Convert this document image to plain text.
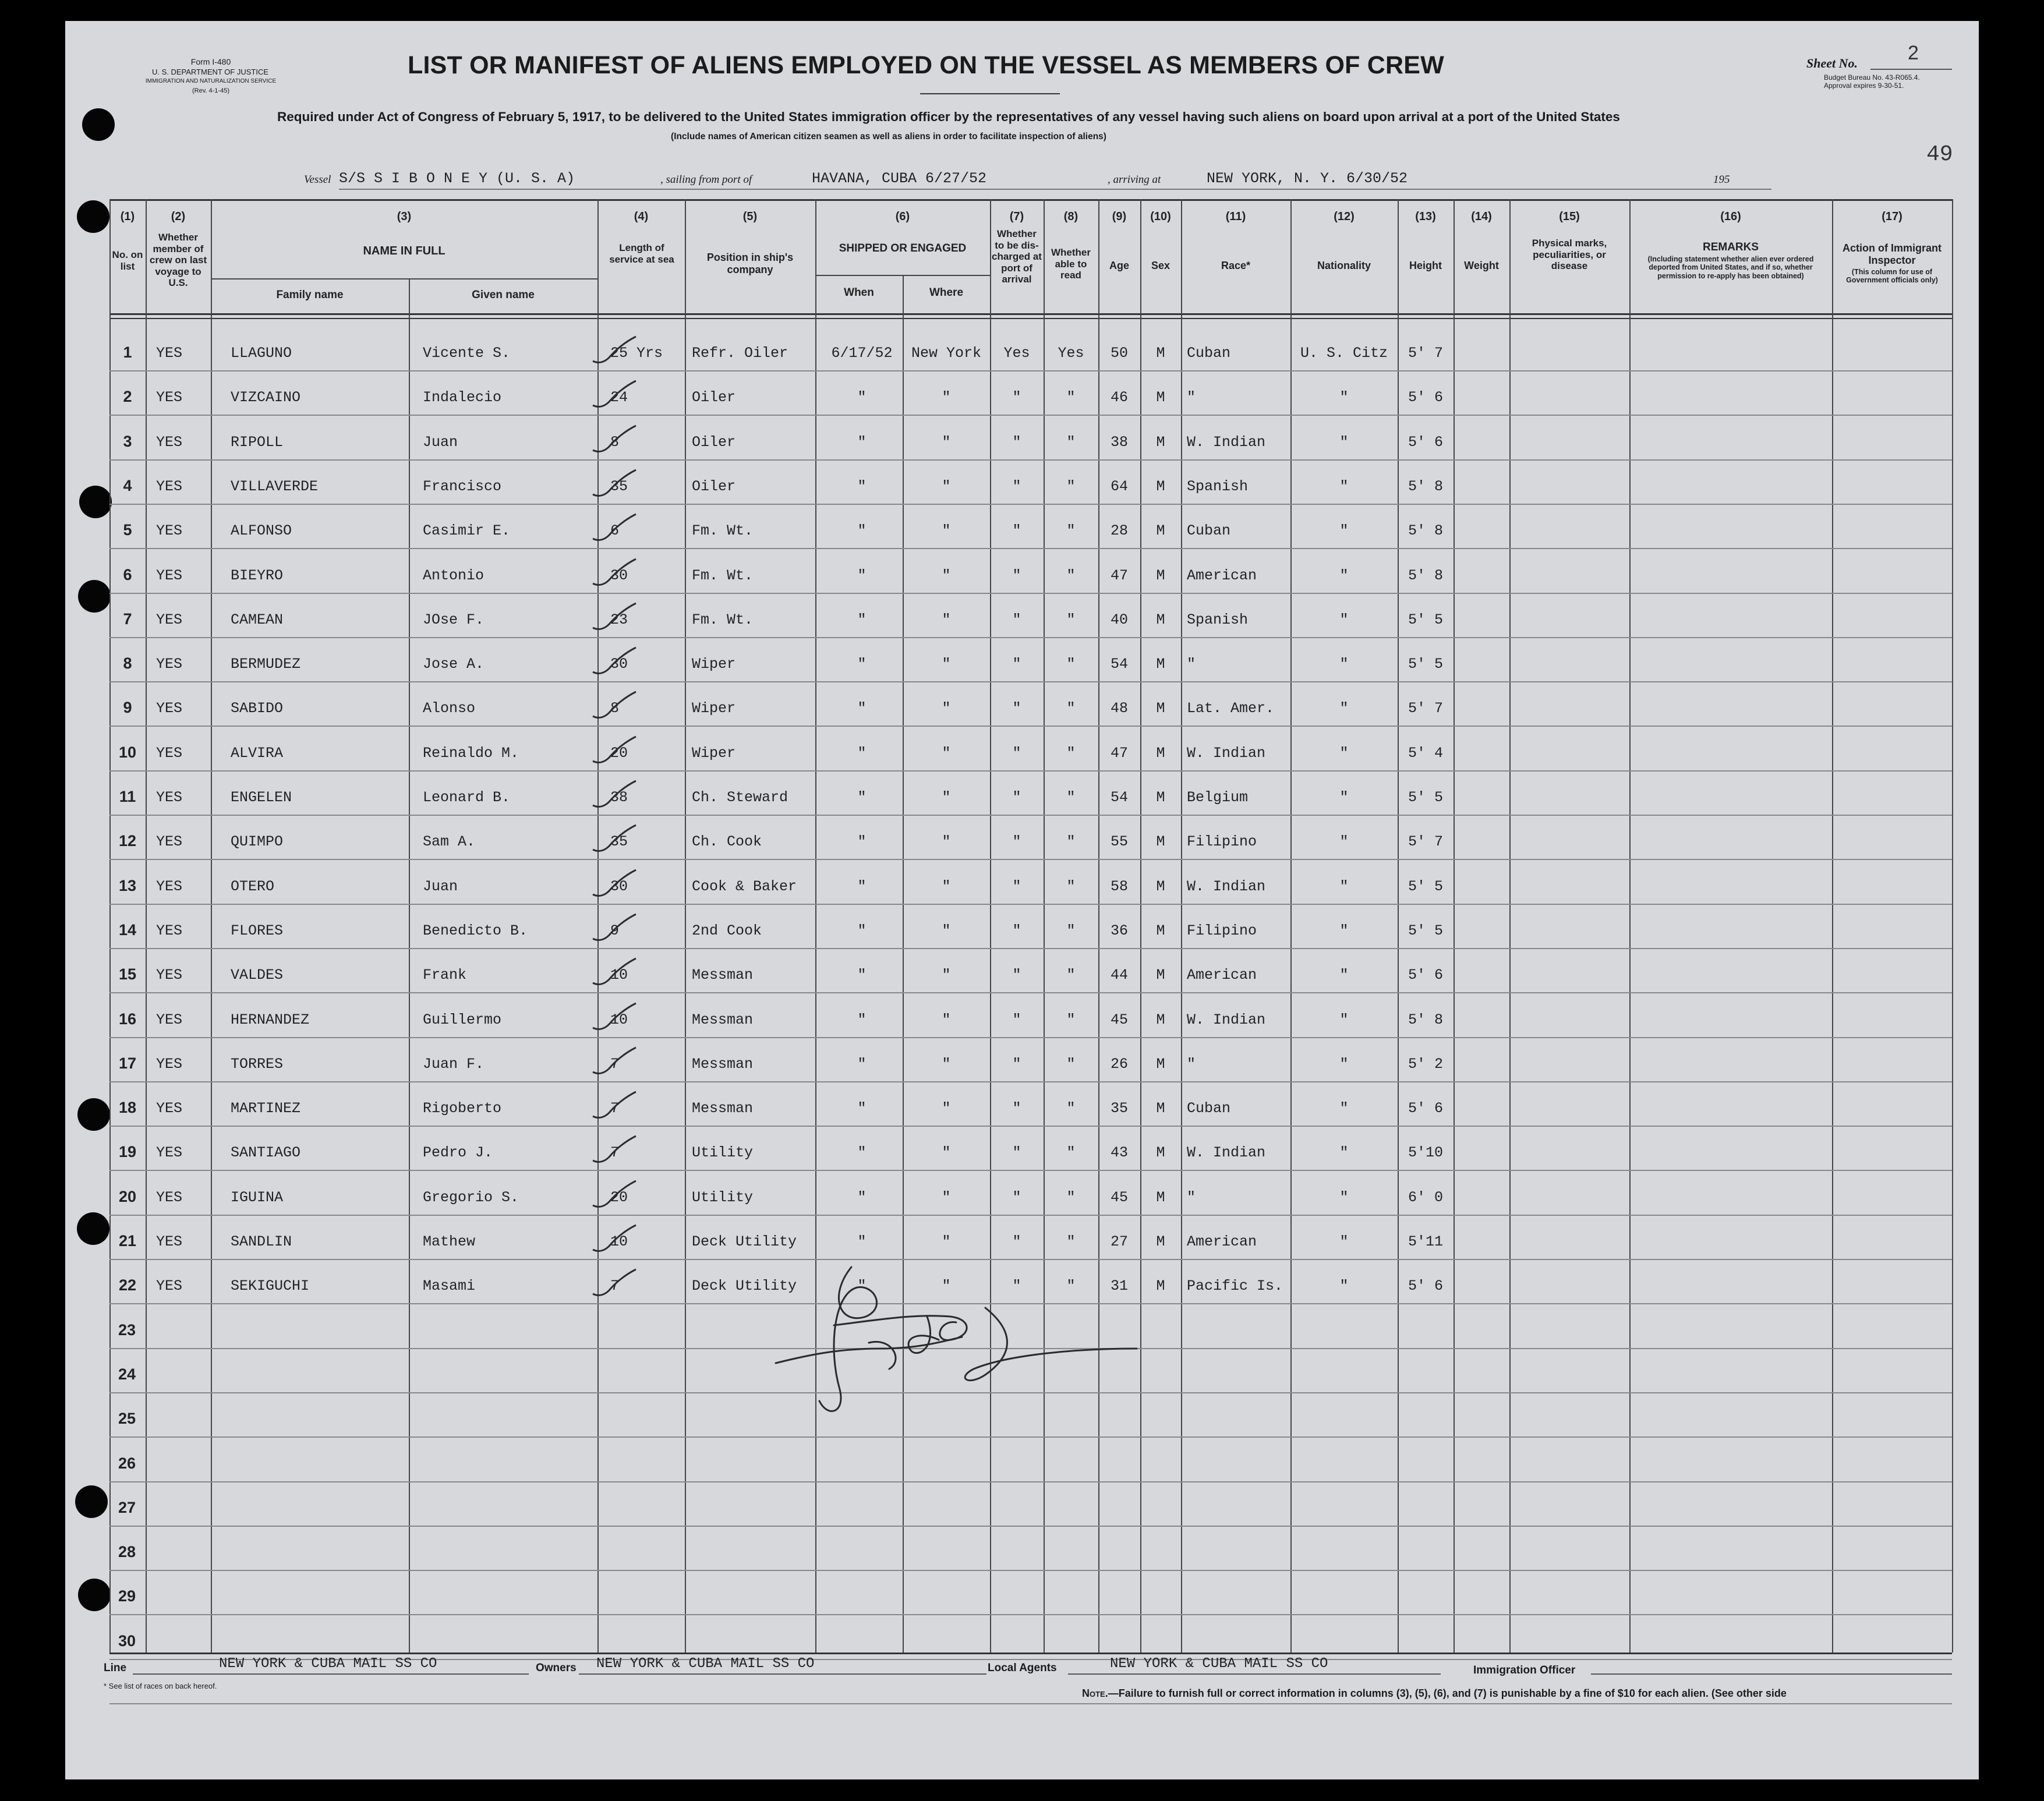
Form I-480
U. S. DEPARTMENT OF JUSTICE
IMMIGRATION AND NATURALIZATION SERVICE
(Rev. 4-1-45)
LIST OR MANIFEST OF ALIENS EMPLOYED ON THE VESSEL AS MEMBERS OF CREW	Sheet No.	2
Budget Bureau No. 43-R065.4.
Approval expires 9-30-51.
Required under Act of Congress of February 5, 1917, to be delivered to the United States immigration officer by the representatives of any vessel having such aliens on board upon arrival at a port of the United States
(Include names of American citizen seamen as well as aliens in order to facilitate inspection of aliens)
49
Vessel S/S S I B O N E Y (U. S. A)	, sailing from port of	HAVANA, CUBA 6/27/52	, arriving at	NEW YORK, N. Y. 6/30/52	195
(1)	(2)	(3)	(4)	(5)	(6)	(7)	(8)	(9)	(10)	(11)	(12)	(13)	(14)	(15)	(16)	(17)
No. on list
Whether member of crew on last voyage to U.S.
NAME IN FULL
Family name	Given name
Length of service at sea	Position in ship's company
SHIPPED OR ENGAGED
When	Where
Whether to be dis-charged at port of arrival
Whether able to read
Age	Sex	Race*	Nationality	Height	Weight
Physical marks, peculiarities, or disease
REMARKS
(Including statement whether alien ever ordered deported from United States, and if so, whether permission to re-apply has been obtained)
Action of Immigrant Inspector
(This column for use of Government officials only)
1	YES	LLAGUNO	Vicente S.	25 Yrs	Refr. Oiler	6/17/52	New York	Yes	Yes	50	M	Cuban	U. S. Citz	5' 7
2	YES	VIZCAINO	Indalecio	24	Oiler	"	"	"	"	46	M	"	"	5' 6
3	YES	RIPOLL	Juan	8	Oiler	"	"	"	"	38	M	W. Indian	"	5' 6
4	YES	VILLAVERDE	Francisco	35	Oiler	"	"	"	"	64	M	Spanish	"	5' 8
5	YES	ALFONSO	Casimir E.	6	Fm. Wt.	"	"	"	"	28	M	Cuban	"	5' 8
6	YES	BIEYRO	Antonio	30	Fm. Wt.	"	"	"	"	47	M	American	"	5' 8
7	YES	CAMEAN	JOse F.	23	Fm. Wt.	"	"	"	"	40	M	Spanish	"	5' 5
8	YES	BERMUDEZ	Jose A.	30	Wiper	"	"	"	"	54	M	"	"	5' 5
9	YES	SABIDO	Alonso	8	Wiper	"	"	"	"	48	M	Lat. Amer.	"	5' 7
10	YES	ALVIRA	Reinaldo M.	20	Wiper	"	"	"	"	47	M	W. Indian	"	5' 4
11	YES	ENGELEN	Leonard B.	38	Ch. Steward	"	"	"	"	54	M	Belgium	"	5' 5
12	YES	QUIMPO	Sam A.	35	Ch. Cook	"	"	"	"	55	M	Filipino	"	5' 7
13	YES	OTERO	Juan	30	Cook & Baker	"	"	"	"	58	M	W. Indian	"	5' 5
14	YES	FLORES	Benedicto B.	9	2nd Cook	"	"	"	"	36	M	Filipino	"	5' 5
15	YES	VALDES	Frank	10	Messman	"	"	"	"	44	M	American	"	5' 6
16	YES	HERNANDEZ	Guillermo	10	Messman	"	"	"	"	45	M	W. Indian	"	5' 8
17	YES	TORRES	Juan F.	7	Messman	"	"	"	"	26	M	"	"	5' 2
18	YES	MARTINEZ	Rigoberto	7	Messman	"	"	"	"	35	M	Cuban	"	5' 6
19	YES	SANTIAGO	Pedro J.	7	Utility	"	"	"	"	43	M	W. Indian	"	5'10
20	YES	IGUINA	Gregorio S.	20	Utility	"	"	"	"	45	M	"	"	6' 0
21	YES	SANDLIN	Mathew	10	Deck Utility	"	"	"	"	27	M	American	"	5'11
22	YES	SEKIGUCHI	Masami	7	Deck Utility	"	"	"	"	31	M	Pacific Is.	"	5' 6
23
24
25
26
27
28
29
30
Line	NEW YORK & CUBA MAIL SS CO	Owners NEW YORK & CUBA MAIL SS CO	Local Agents	NEW YORK & CUBA MAIL SS CO	Immigration Officer
* See list of races on back hereof.
Note.—Failure to furnish full or correct information in columns (3), (5), (6), and (7) is punishable by a fine of $10 for each alien. (See other side
